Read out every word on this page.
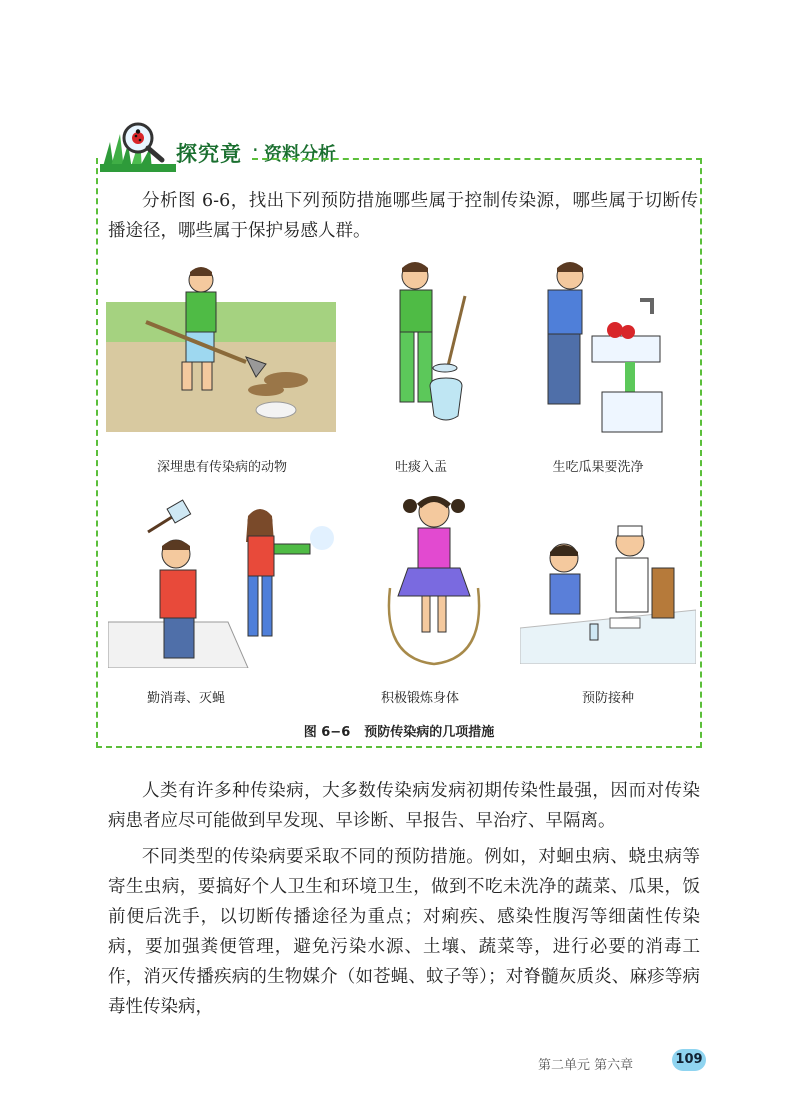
探究竟 · 资料分析
分析图 6-6，找出下列预防措施哪些属于控制传染源，哪些属于切断传播途径，哪些属于保护易感人群。
深埋患有传染病的动物	吐痰入盂	生吃瓜果要洗净
勤消毒、灭蝇	积极锻炼身体	预防接种
图 6−6 预防传染病的几项措施
人类有许多种传染病，大多数传染病发病初期传染性最强，因而对传染病患者应尽可能做到早发现、早诊断、早报告、早治疗、早隔离。
不同类型的传染病要采取不同的预防措施。例如，对蛔虫病、蛲虫病等寄生虫病，要搞好个人卫生和环境卫生，做到不吃未洗净的蔬菜、瓜果，饭前便后洗手，以切断传播途径为重点；对痢疾、感染性腹泻等细菌性传染病，要加强粪便管理，避免污染水源、土壤、蔬菜等，进行必要的消毒工作，消灭传播疾病的生物媒介（如苍蝇、蚊子等）；对脊髓灰质炎、麻疹等病毒性传染病，
第二单元 第六章	109
